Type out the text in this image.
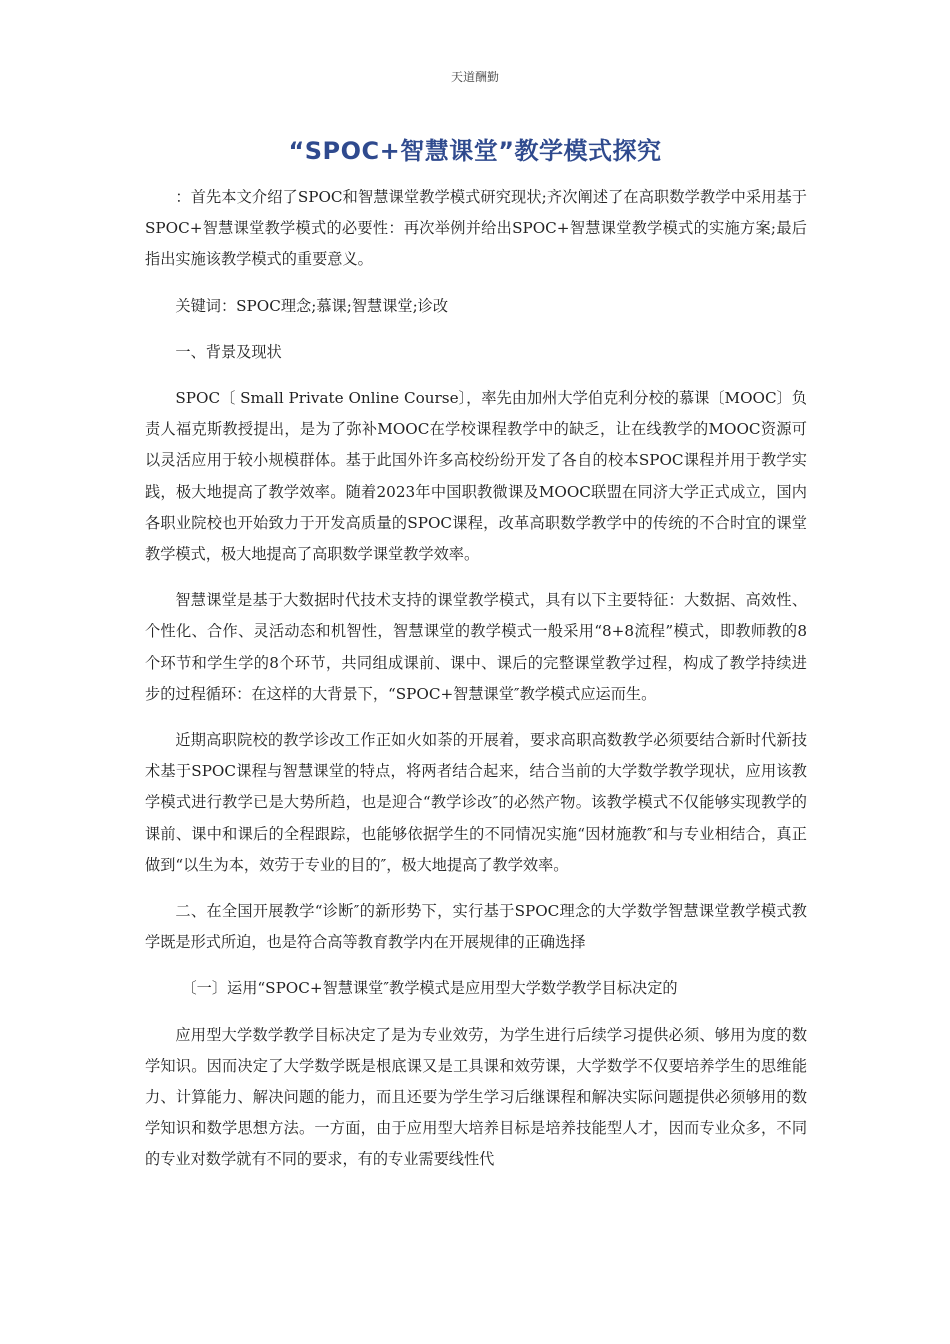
天道酬勤
“SPOC+智慧课堂”教学模式探究

：首先本文介绍了SPOC和智慧课堂教学模式研究现状;齐次阐述了在高职数学教学中采用基于SPOC+智慧课堂教学模式的必要性：再次举例并给出SPOC+智慧课堂教学模式的实施方案;最后指出实施该教学模式的重要意义。

关键词：SPOC理念;慕课;智慧课堂;诊改

一、背景及现状

SPOC〔 Small Private Online Course〕，率先由加州大学伯克利分校的慕课〔MOOC〕负责人福克斯教授提出，是为了弥补MOOC在学校课程教学中的缺乏，让在线教学的MOOC资源可以灵活应用于较小规模群体。基于此国外许多高校纷纷开发了各自的校本SPOC课程并用于教学实践，极大地提高了教学效率。随着2023年中国职教微课及MOOC联盟在同济大学正式成立，国内各职业院校也开始致力于开发高质量的SPOC课程，改革高职数学教学中的传统的不合时宜的课堂教学模式，极大地提高了高职数学课堂教学效率。

智慧课堂是基于大数据时代技术支持的课堂教学模式，具有以下主要特征：大数据、高效性、个性化、合作、灵活动态和机智性，智慧课堂的教学模式一般采用“8+8流程”模式，即教师教的8个环节和学生学的8个环节，共同组成课前、课中、课后的完整课堂教学过程，构成了教学持续进步的过程循环：在这样的大背景下，“SPOC+智慧课堂″教学模式应运而生。

近期高职院校的教学诊改工作正如火如荼的开展着，要求高职高数教学必须要结合新时代新技术基于SPOC课程与智慧课堂的特点，将两者结合起来，结合当前的大学数学教学现状，应用该教学模式进行教学已是大势所趋，也是迎合“教学诊改″的必然产物。该教学模式不仅能够实现教学的课前、课中和课后的全程跟踪，也能够依据学生的不同情况实施“因材施教″和与专业相结合，真正做到“以生为本，效劳于专业的目的″，极大地提高了教学效率。

二、在全国开展教学“诊断″的新形势下，实行基于SPOC理念的大学数学智慧课堂教学模式教学既是形式所迫，也是符合高等教育教学内在开展规律的正确选择

〔一〕运用“SPOC+智慧课堂″教学模式是应用型大学数学教学目标决定的

应用型大学数学教学目标决定了是为专业效劳，为学生进行后续学习提供必须、够用为度的数学知识。因而决定了大学数学既是根底课又是工具课和效劳课，大学数学不仅要培养学生的思维能力、计算能力、解决问题的能力，而且还要为学生学习后继课程和解决实际问题提供必须够用的数学知识和数学思想方法。一方面，由于应用型大培养目标是培养技能型人才，因而专业众多，不同的专业对数学就有不同的要求，有的专业需要线性代
